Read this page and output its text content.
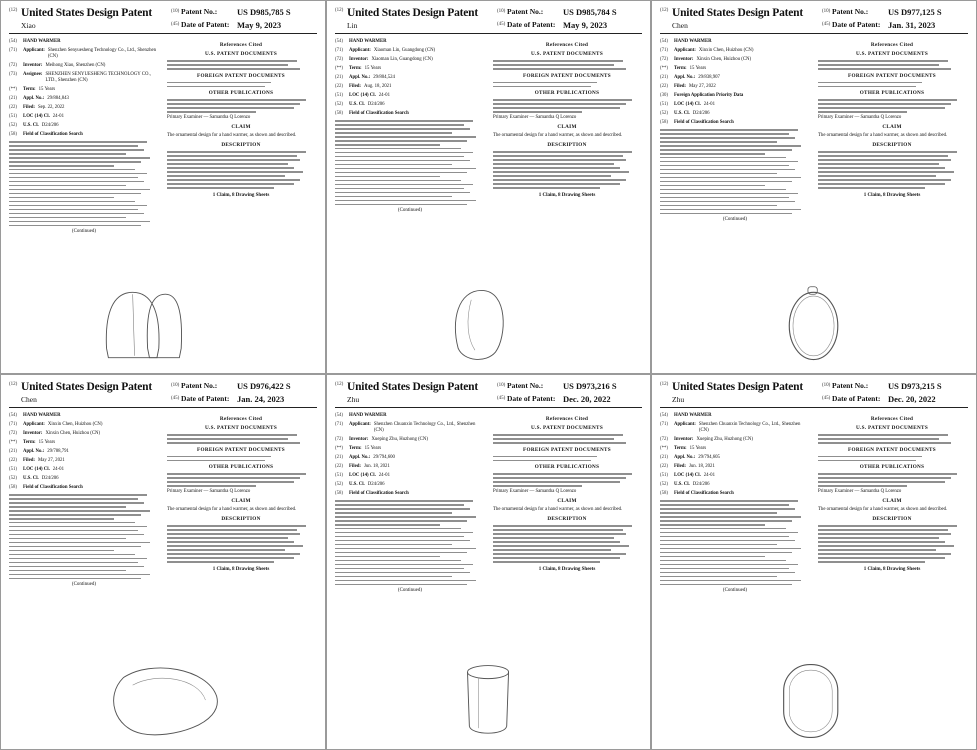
(12) United States Design Patent
Xiao
(10)
(45)
Patent No.: US D985,785 S
Date of Patent: May 9, 2023
(54)	HAND WARMER
(71)	Applicant: Shenzhen Senyuesheng Technology Co., Ltd., Shenzhen (CN)
(72)	Inventor: Meihong Xiao, Shenzhen (CN)
(73)	Assignee: SHENZHEN SENYUESHENG TECHNOLOGY CO., LTD., Shenzhen (CN)
(**)	Term: 15 Years
(21)	Appl. No.: 29/884,843
(22)	Filed: Sep. 22, 2022
(51)	LOC (14) Cl. 24-01
(52)	U.S. Cl. D24/206
(58)	Field of Classification Search
(Continued)
References Cited
U.S. PATENT DOCUMENTS
FOREIGN PATENT DOCUMENTS
OTHER PUBLICATIONS
Primary Examiner — Samantha Q Lorenzo
CLAIM
The ornamental design for a hand warmer, as shown and described.
DESCRIPTION
1 Claim, 8 Drawing Sheets
(12) United States Design Patent
Lin
(10)
(45)
Patent No.: US D985,784 S
Date of Patent: May 9, 2023
(54)	HAND WARMER
(71)	Applicant: Xiaoman Lin, Guangdong (CN)
(72)	Inventor: Xiaoman Lin, Guangdong (CN)
(**)	Term: 15 Years
(21)	Appl. No.: 29/804,524
(22)	Filed: Aug. 18, 2021
(51)	LOC (14) Cl. 24-01
(52)	U.S. Cl. D24/206
(58)	Field of Classification Search
(Continued)
References Cited
U.S. PATENT DOCUMENTS
FOREIGN PATENT DOCUMENTS
OTHER PUBLICATIONS
Primary Examiner — Samantha Q Lorenzo
CLAIM
The ornamental design for a hand warmer, as shown and described.
DESCRIPTION
1 Claim, 8 Drawing Sheets
(12) United States Design Patent
Chen
(10)
(45)
Patent No.: US D977,125 S
Date of Patent: Jan. 31, 2023
(54)	HAND WARMER
(71)	Applicant: Xinxin Chen, Huizhou (CN)
(72)	Inventor: Xinxin Chen, Huizhou (CN)
(**)	Term: 15 Years
(21)	Appl. No.: 29/838,907
(22)	Filed: May 27, 2022
(30)	Foreign Application Priority Data
(51)	LOC (14) Cl. 24-01
(52)	U.S. Cl. D24/206
(58)	Field of Classification Search
(Continued)
References Cited
U.S. PATENT DOCUMENTS
FOREIGN PATENT DOCUMENTS
OTHER PUBLICATIONS
Primary Examiner — Samantha Q Lorenzo
CLAIM
The ornamental design for a hand warmer, as shown and described.
DESCRIPTION
1 Claim, 8 Drawing Sheets
(12) United States Design Patent
Chen
(10)
(45)
Patent No.: US D976,422 S
Date of Patent: Jan. 24, 2023
(54)	HAND WARMER
(71)	Applicant: Xinxin Chen, Huizhou (CN)
(72)	Inventor: Xinxin Chen, Huizhou (CN)
(**)	Term: 15 Years
(21)	Appl. No.: 29/788,791
(22)	Filed: May 27, 2021
(51)	LOC (14) Cl. 24-01
(52)	U.S. Cl. D24/206
(58)	Field of Classification Search
(Continued)
References Cited
U.S. PATENT DOCUMENTS
FOREIGN PATENT DOCUMENTS
OTHER PUBLICATIONS
Primary Examiner — Samantha Q Lorenzo
CLAIM
The ornamental design for a hand warmer, as shown and described.
DESCRIPTION
1 Claim, 8 Drawing Sheets
(12) United States Design Patent
Zhu
(10)
(45)
Patent No.: US D973,216 S
Date of Patent: Dec. 20, 2022
(54)	HAND WARMER
(71)	Applicant: Shenzhen Chuanxin Technology Co., Ltd., Shenzhen (CN)
(72)	Inventor: Xueping Zhu, Huzhong (CN)
(**)	Term: 15 Years
(21)	Appl. No.: 29/794,600
(22)	Filed: Jun. 18, 2021
(51)	LOC (14) Cl. 24-01
(52)	U.S. Cl. D24/206
(58)	Field of Classification Search
(Continued)
References Cited
U.S. PATENT DOCUMENTS
FOREIGN PATENT DOCUMENTS
OTHER PUBLICATIONS
Primary Examiner — Samantha Q Lorenzo
CLAIM
The ornamental design for a hand warmer, as shown and described.
DESCRIPTION
1 Claim, 8 Drawing Sheets
(12) United States Design Patent
Zhu
(10)
(45)
Patent No.: US D973,215 S
Date of Patent: Dec. 20, 2022
(54)	HAND WARMER
(71)	Applicant: Shenzhen Chuanxin Technology Co., Ltd., Shenzhen (CN)
(72)	Inventor: Xueping Zhu, Huzhong (CN)
(**)	Term: 15 Years
(21)	Appl. No.: 29/794,605
(22)	Filed: Jun. 18, 2021
(51)	LOC (14) Cl. 24-01
(52)	U.S. Cl. D24/206
(58)	Field of Classification Search
(Continued)
References Cited
U.S. PATENT DOCUMENTS
FOREIGN PATENT DOCUMENTS
OTHER PUBLICATIONS
Primary Examiner — Samantha Q Lorenzo
CLAIM
The ornamental design for a hand warmer, as shown and described.
DESCRIPTION
1 Claim, 8 Drawing Sheets
